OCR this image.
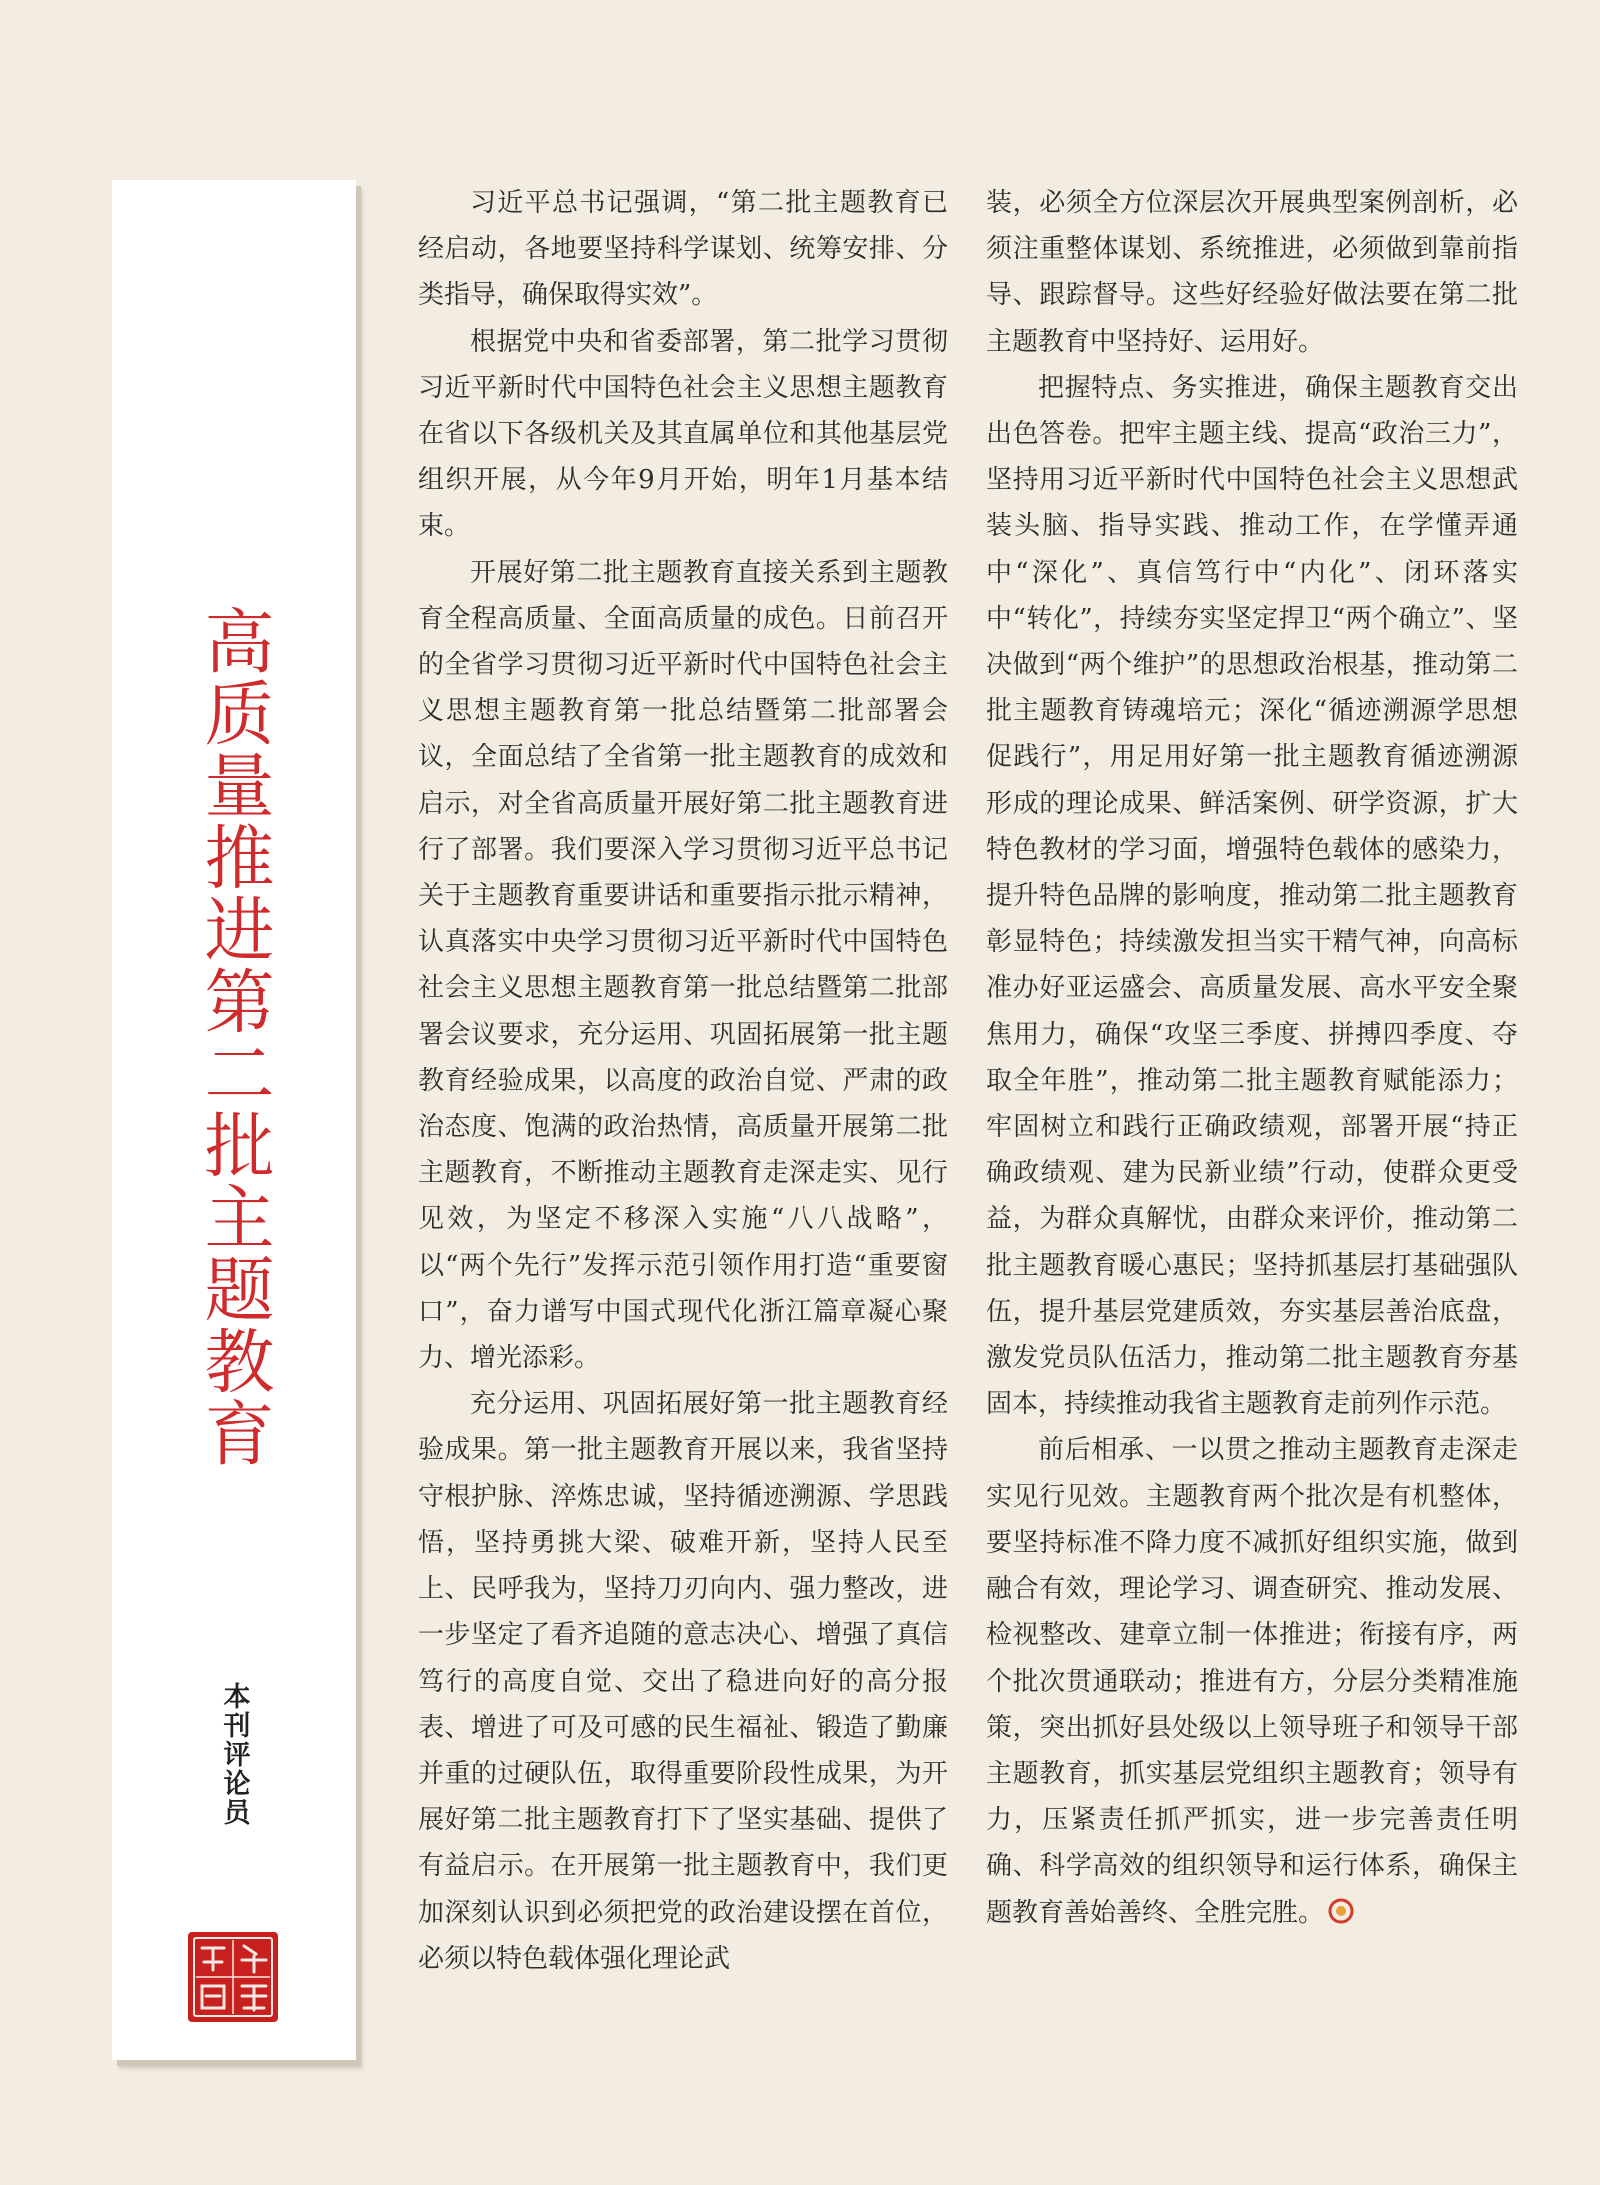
高质量推进第二批主题教育
本刊评论员

习近平总书记强调，“第二批主题教育已经启动，各地要坚持科学谋划、统筹安排、分类指导，确保取得实效”。

根据党中央和省委部署，第二批学习贯彻习近平新时代中国特色社会主义思想主题教育在省以下各级机关及其直属单位和其他基层党组织开展，从今年9月开始，明年1月基本结束。

开展好第二批主题教育直接关系到主题教育全程高质量、全面高质量的成色。日前召开的全省学习贯彻习近平新时代中国特色社会主义思想主题教育第一批总结暨第二批部署会议，全面总结了全省第一批主题教育的成效和启示，对全省高质量开展好第二批主题教育进行了部署。我们要深入学习贯彻习近平总书记关于主题教育重要讲话和重要指示批示精神，认真落实中央学习贯彻习近平新时代中国特色社会主义思想主题教育第一批总结暨第二批部署会议要求，充分运用、巩固拓展第一批主题教育经验成果，以高度的政治自觉、严肃的政治态度、饱满的政治热情，高质量开展第二批主题教育，不断推动主题教育走深走实、见行见效，为坚定不移深入实施“八八战略”，以“两个先行”发挥示范引领作用打造“重要窗口”，奋力谱写中国式现代化浙江篇章凝心聚力、增光添彩。

充分运用、巩固拓展好第一批主题教育经验成果。第一批主题教育开展以来，我省坚持守根护脉、淬炼忠诚，坚持循迹溯源、学思践悟，坚持勇挑大梁、破难开新，坚持人民至上、民呼我为，坚持刀刃向内、强力整改，进一步坚定了看齐追随的意志决心、增强了真信笃行的高度自觉、交出了稳进向好的高分报表、增进了可及可感的民生福祉、锻造了勤廉并重的过硬队伍，取得重要阶段性成果，为开展好第二批主题教育打下了坚实基础、提供了有益启示。在开展第一批主题教育中，我们更加深刻认识到必须把党的政治建设摆在首位，必须以特色载体强化理论武

装，必须全方位深层次开展典型案例剖析，必须注重整体谋划、系统推进，必须做到靠前指导、跟踪督导。这些好经验好做法要在第二批主题教育中坚持好、运用好。

把握特点、务实推进，确保主题教育交出出色答卷。把牢主题主线、提高“政治三力”，坚持用习近平新时代中国特色社会主义思想武装头脑、指导实践、推动工作，在学懂弄通中“深化”、真信笃行中“内化”、闭环落实中“转化”，持续夯实坚定捍卫“两个确立”、坚决做到“两个维护”的思想政治根基，推动第二批主题教育铸魂培元；深化“循迹溯源学思想促践行”，用足用好第一批主题教育循迹溯源形成的理论成果、鲜活案例、研学资源，扩大特色教材的学习面，增强特色载体的感染力，提升特色品牌的影响度，推动第二批主题教育彰显特色；持续激发担当实干精气神，向高标准办好亚运盛会、高质量发展、高水平安全聚焦用力，确保“攻坚三季度、拼搏四季度、夺取全年胜”，推动第二批主题教育赋能添力；牢固树立和践行正确政绩观，部署开展“持正确政绩观、建为民新业绩”行动，使群众更受益，为群众真解忧，由群众来评价，推动第二批主题教育暖心惠民；坚持抓基层打基础强队伍，提升基层党建质效，夯实基层善治底盘，激发党员队伍活力，推动第二批主题教育夯基固本，持续推动我省主题教育走前列作示范。

前后相承、一以贯之推动主题教育走深走实见行见效。主题教育两个批次是有机整体，要坚持标准不降力度不减抓好组织实施，做到融合有效，理论学习、调查研究、推动发展、检视整改、建章立制一体推进；衔接有序，两个批次贯通联动；推进有方，分层分类精准施策，突出抓好县处级以上领导班子和领导干部主题教育，抓实基层党组织主题教育；领导有力，压紧责任抓严抓实，进一步完善责任明确、科学高效的组织领导和运行体系，确保主题教育善始善终、全胜完胜。
